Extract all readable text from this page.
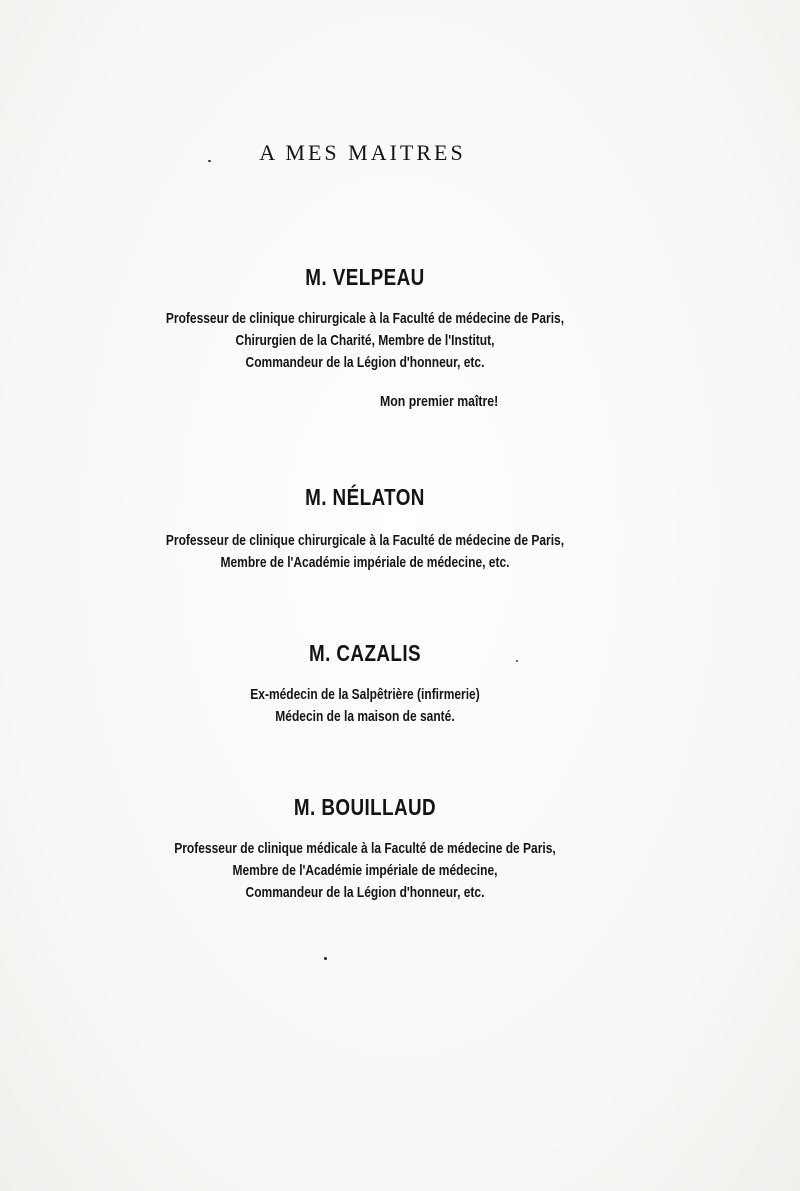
A MES MAITRES
M. VELPEAU
Professeur de clinique chirurgicale à la Faculté de médecine de Paris,
Chirurgien de la Charité, Membre de l'Institut,
Commandeur de la Légion d'honneur, etc.
Mon premier maître!
M. NÉLATON
Professeur de clinique chirurgicale à la Faculté de médecine de Paris,
Membre de l'Académie impériale de médecine, etc.
M. CAZALIS
Ex-médecin de la Salpêtrière (infirmerie)
Médecin de la maison de santé.
M. BOUILLAUD
Professeur de clinique médicale à la Faculté de médecine de Paris,
Membre de l'Académie impériale de médecine,
Commandeur de la Légion d'honneur, etc.
